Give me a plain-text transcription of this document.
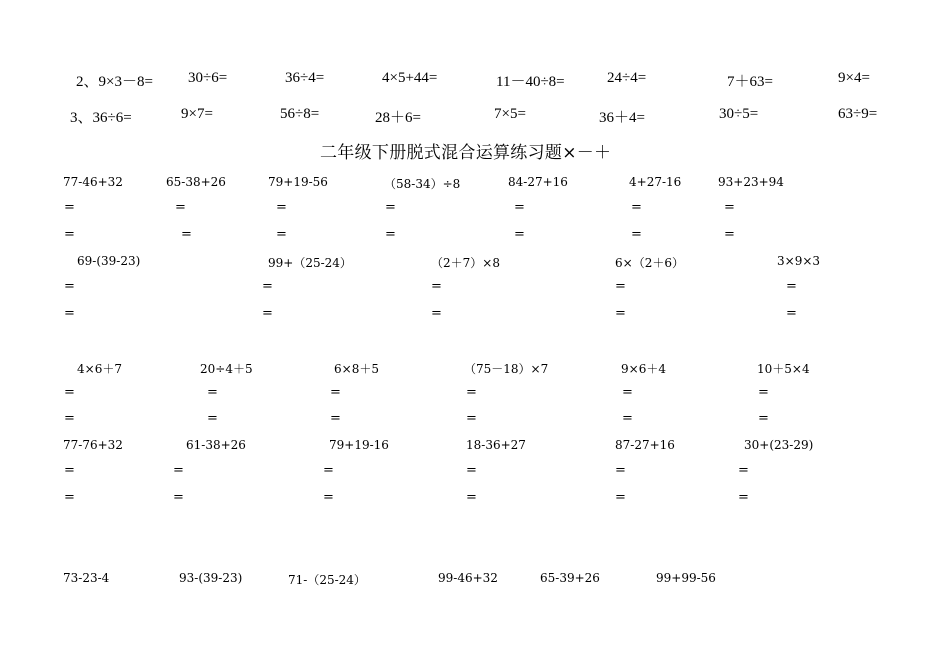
2、9×3－8= 30÷6=	36÷4=	4×5+44=	11－40÷8=	24÷4=	7＋63=	9×4=
3、36÷6=	9×7=	56÷8=	28＋6=	7×5=	36＋4=	30÷5=	63÷9=
二年级下册脱式混合运算练习题×－＋
77-46+32	65-38+26	79+19-56	（58-34）÷8	84-27+16	4+27-16	93+23+94
=	=	=	=	=	=	=
=	=	=	=	=	=	=
69-(39-23)	99+（25-24）	（2＋7）×8	6×（2＋6）	3×9×3
=	=	=	=	=
=	=	=	=	=
4×6＋7	20÷4＋5	6×8＋5	（75－18）×7	9×6＋4	10＋5×4
=	=	=	=	=	=
=	=	=	=	=	=
77-76+32	61-38+26	79+19-16	18-36+27	87-27+16	30+(23-29)
=	=	=	=	=	=
=	=	=	=	=	=
73-23-4	93-(39-23)	71-（25-24）	99-46+32	65-39+26	99+99-56
